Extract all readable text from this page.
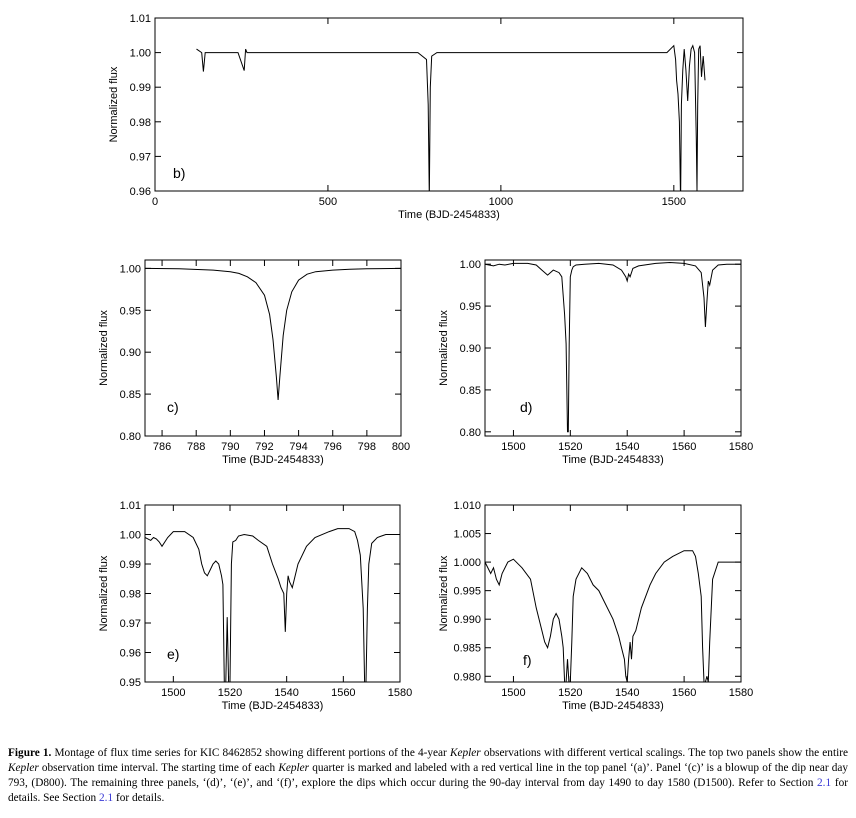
0	500	1000	1500
0.96
0.97
0.98
0.99
1.00
1.01
Time (BJD-2454833)
Normalized flux
b)
786 788 790 792 794 796 798 800
0.80
0.85
0.90
0.95
1.00
Time (BJD-2454833)
Normalized flux
c)
1500	1520	1540	1560	1580
0.80
0.85
0.90
0.95
1.00
Time (BJD-2454833)
Normalized flux
d)
1500	1520	1540	1560	1580
0.95
0.96
0.97
0.98
0.99
1.00
1.01
Time (BJD-2454833)
Normalized flux
e)
1500	1520	1540	1560	1580
0.980
0.985
0.990
0.995
1.000
1.005
1.010
Time (BJD-2454833)
Normalized flux
f)
Figure 1. Montage of flux time series for KIC 8462852 showing different portions of the 4-year Kepler observations with different vertical scalings. The top two panels show the entire Kepler observation time interval. The starting time of each Kepler quarter is marked and labeled with a red vertical line in the top panel ‘(a)’. Panel ‘(c)’ is a blowup of the dip near day 793, (D800). The remaining three panels, ‘(d)’, ‘(e)’, and ‘(f)’, explore the dips which occur during the 90-day interval from day 1490 to day 1580 (D1500). Refer to Section 2.1 for details. See Section 2.1 for details.
